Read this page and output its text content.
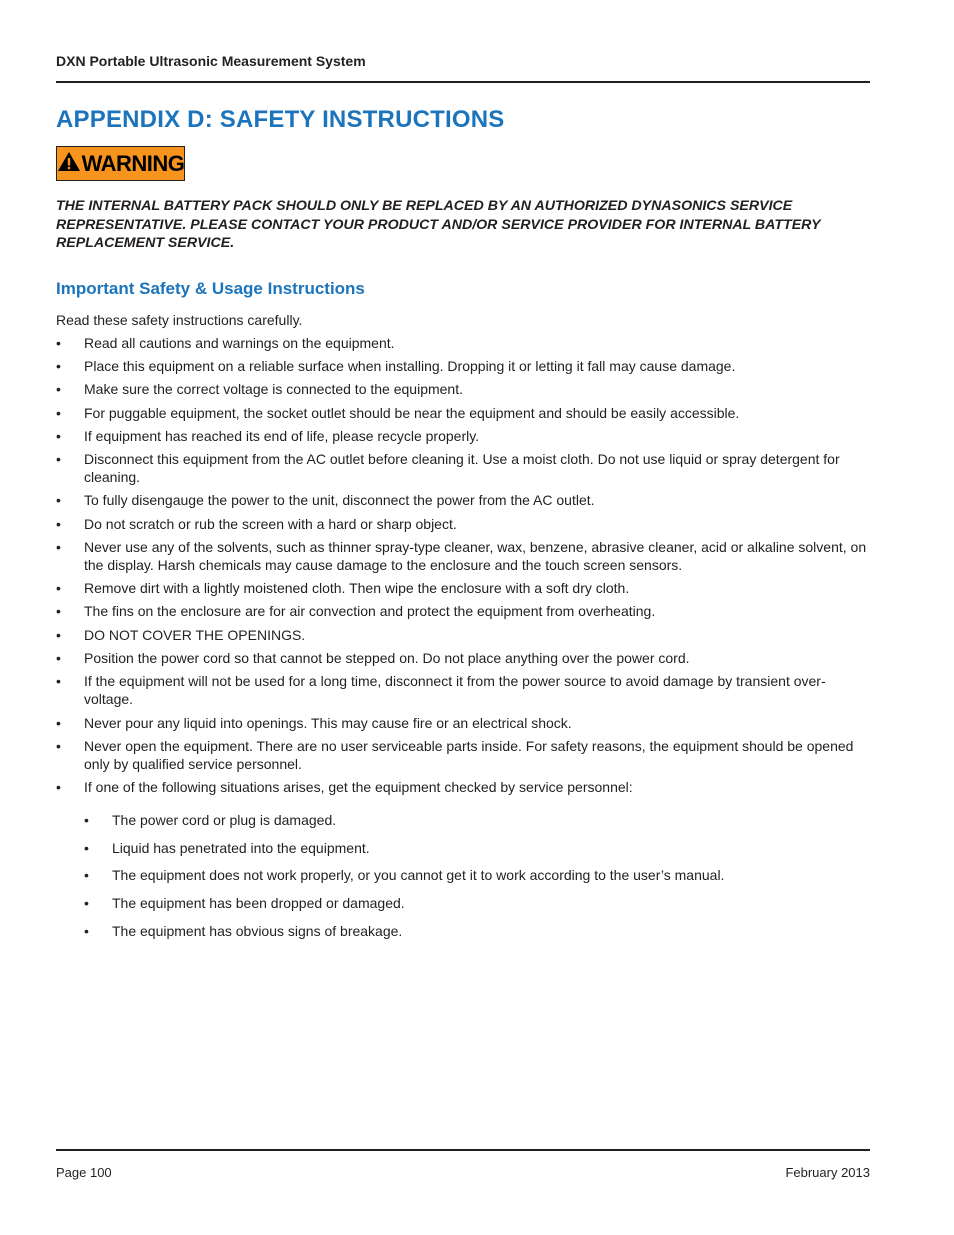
DXN Portable Ultrasonic Measurement System
APPENDIX D: SAFETY INSTRUCTIONS
WARNING
THE INTERNAL BATTERY PACK SHOULD ONLY BE REPLACED BY AN AUTHORIZED DYNASONICS SERVICE REPRESENTATIVE. PLEASE CONTACT YOUR PRODUCT AND/OR SERVICE PROVIDER FOR INTERNAL BATTERY REPLACEMENT SERVICE.
Important Safety & Usage Instructions
Read these safety instructions carefully.
• Read all cautions and warnings on the equipment.
• Place this equipment on a reliable surface when installing. Dropping it or letting it fall may cause damage.
• Make sure the correct voltage is connected to the equipment.
• For puggable equipment, the socket outlet should be near the equipment and should be easily accessible.
• If equipment has reached its end of life, please recycle properly.
• Disconnect this equipment from the AC outlet before cleaning it. Use a moist cloth. Do not use liquid or spray detergent for cleaning.
• To fully disengauge the power to the unit, disconnect the power from the AC outlet.
• Do not scratch or rub the screen with a hard or sharp object.
• Never use any of the solvents, such as thinner spray-type cleaner, wax, benzene, abrasive cleaner, acid or alkaline solvent, on the display. Harsh chemicals may cause damage to the enclosure and the touch screen sensors.
• Remove dirt with a lightly moistened cloth. Then wipe the enclosure with a soft dry cloth.
• The fins on the enclosure are for air convection and protect the equipment from overheating.
• DO NOT COVER THE OPENINGS.
• Position the power cord so that cannot be stepped on. Do not place anything over the power cord.
• If the equipment will not be used for a long time, disconnect it from the power source to avoid damage by transient over-voltage.
• Never pour any liquid into openings. This may cause fire or an electrical shock.
• Never open the equipment. There are no user serviceable parts inside. For safety reasons, the equipment should be opened only by qualified service personnel.
• If one of the following situations arises, get the equipment checked by service personnel:
• The power cord or plug is damaged.
• Liquid has penetrated into the equipment.
• The equipment does not work properly, or you cannot get it to work according to the user’s manual.
• The equipment has been dropped or damaged.
• The equipment has obvious signs of breakage.
Page 100	February 2013
